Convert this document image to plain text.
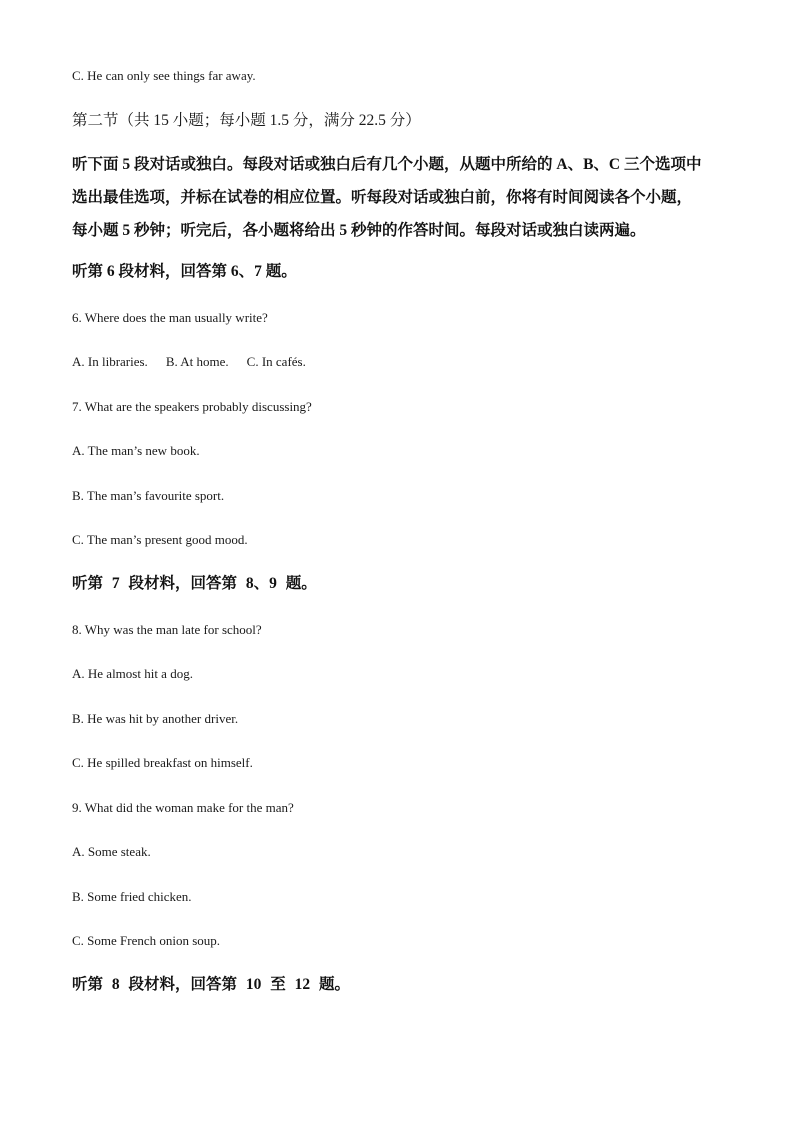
C. He can only see things far away.
第二节（共 15 小题；每小题 1.5 分，满分 22.5 分）
听下面 5 段对话或独白。每段对话或独白后有几个小题，从题中所给的 A、B、C 三个选项中
选出最佳选项，并标在试卷的相应位置。听每段对话或独白前，你将有时间阅读各个小题，
每小题 5 秒钟；听完后，各小题将给出 5 秒钟的作答时间。每段对话或独白读两遍。
听第 6 段材料，回答第 6、7 题。
6. Where does the man usually write?
A. In libraries. B. At home. C. In cafés.
7. What are the speakers probably discussing?
A. The man’s new book.
B. The man’s favourite sport.
C. The man’s present good mood.
听第 7 段材料，回答第 8、9 题。
8. Why was the man late for school?
A. He almost hit a dog.
B. He was hit by another driver.
C. He spilled breakfast on himself.
9. What did the woman make for the man?
A. Some steak.
B. Some fried chicken.
C. Some French onion soup.
听第 8 段材料，回答第 10 至 12 题。
